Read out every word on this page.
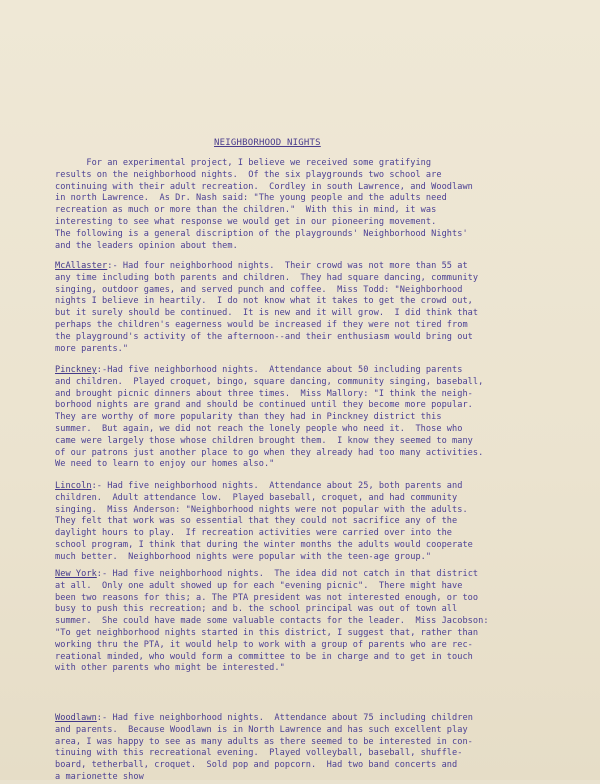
NEIGHBORHOOD NIGHTS
For an experimental project, I believe we received some gratifying
results on the neighborhood nights.  Of the six playgrounds two school are
continuing with their adult recreation.  Cordley in south Lawrence, and Woodlawn
in north Lawrence.  As Dr. Nash said: "The young people and the adults need
recreation as much or more than the children."  With this in mind, it was
interesting to see what response we would get in our pioneering movement.
The following is a general discription of the playgrounds' Neighborhood Nights'
and the leaders opinion about them.
McAllaster:- Had four neighborhood nights.  Their crowd was not more than 55 at
any time including both parents and children.  They had square dancing, community
singing, outdoor games, and served punch and coffee.  Miss Todd: "Neighborhood
nights I believe in heartily.  I do not know what it takes to get the crowd out,
but it surely should be continued.  It is new and it will grow.  I did think that
perhaps the children's eagerness would be increased if they were not tired from
the playground's activity of the afternoon--and their enthusiasm would bring out
more parents."
Pinckney:-Had five neighborhood nights.  Attendance about 50 including parents
and children.  Played croquet, bingo, square dancing, community singing, baseball,
and brought picnic dinners about three times.  Miss Mallory: "I think the neigh-
borhood nights are grand and should be continued until they become more popular.
They are worthy of more popularity than they had in Pinckney district this
summer.  But again, we did not reach the lonely people who need it.  Those who
came were largely those whose children brought them.  I know they seemed to many
of our patrons just another place to go when they already had too many activities.
We need to learn to enjoy our homes also."
Lincoln:- Had five neighborhood nights.  Attendance about 25, both parents and
children.  Adult attendance low.  Played baseball, croquet, and had community
singing.  Miss Anderson: "Neighborhood nights were not popular with the adults.
They felt that work was so essential that they could not sacrifice any of the
daylight hours to play.  If recreation activities were carried over into the
school program, I think that during the winter months the adults would cooperate
much better.  Neighborhood nights were popular with the teen-age group."
New York:- Had five neighborhood nights.  The idea did not catch in that district
at all.  Only one adult showed up for each "evening picnic".  There might have
been two reasons for this; a. The PTA president was not interested enough, or too
busy to push this recreation; and b. the school principal was out of town all
summer.  She could have made some valuable contacts for the leader.  Miss Jacobson:
"To get neighborhood nights started in this district, I suggest that, rather than
working thru the PTA, it would help to work with a group of parents who are rec-
reational minded, who would form a committee to be in charge and to get in touch
with other parents who might be interested."
Woodlawn:- Had five neighborhood nights.  Attendance about 75 including children
and parents.  Because Woodlawn is in North Lawrence and has such excellent play
area, I was happy to see as many adults as there seemed to be interested in con-
tinuing with this recreational evening.  Played volleyball, baseball, shuffle-
board, tetherball, croquet.  Sold pop and popcorn.  Had two band concerts and
a marionette show
